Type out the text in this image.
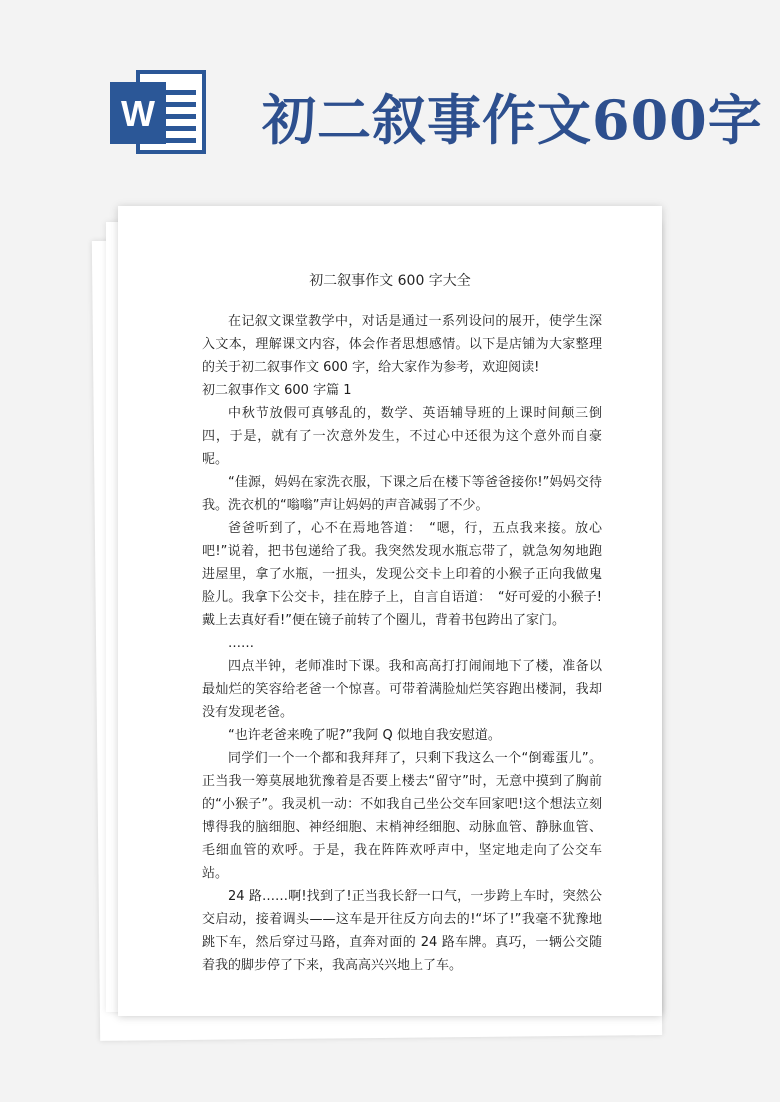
W 初二叙事作文600字
初二叙事作文 600 字大全

在记叙文课堂教学中，对话是通过一系列设问的展开，使学生深入文本，理解课文内容，体会作者思想感情。以下是店铺为大家整理的关于初二叙事作文 600 字，给大家作为参考，欢迎阅读!

初二叙事作文 600 字篇 1

中秋节放假可真够乱的，数学、英语辅导班的上课时间颠三倒四，于是，就有了一次意外发生，不过心中还很为这个意外而自豪呢。

“佳源，妈妈在家洗衣服，下课之后在楼下等爸爸接你!”妈妈交待我。洗衣机的“嗡嗡”声让妈妈的声音减弱了不少。

爸爸听到了，心不在焉地答道：　“嗯，行，五点我来接。放心吧!”说着，把书包递给了我。我突然发现水瓶忘带了，就急匆匆地跑进屋里，拿了水瓶，一扭头，发现公交卡上印着的小猴子正向我做鬼脸儿。我拿下公交卡，挂在脖子上，自言自语道：　“好可爱的小猴子!戴上去真好看!”便在镜子前转了个圈儿，背着书包跨出了家门。

……

四点半钟，老师准时下课。我和高高打打闹闹地下了楼，准备以最灿烂的笑容给老爸一个惊喜。可带着满脸灿烂笑容跑出楼洞，我却没有发现老爸。

“也许老爸来晚了呢?”我阿 Q 似地自我安慰道。

同学们一个一个都和我拜拜了，只剩下我这么一个“倒霉蛋儿”。正当我一筹莫展地犹豫着是否要上楼去“留守”时，无意中摸到了胸前的“小猴子”。我灵机一动：不如我自己坐公交车回家吧!这个想法立刻博得我的脑细胞、神经细胞、末梢神经细胞、动脉血管、静脉血管、毛细血管的欢呼。于是，我在阵阵欢呼声中，坚定地走向了公交车站。

24 路……啊!找到了!正当我长舒一口气，一步跨上车时，突然公交启动，接着调头——这车是开往反方向去的!“坏了!”我毫不犹豫地跳下车，然后穿过马路，直奔对面的 24 路车牌。真巧，一辆公交随着我的脚步停了下来，我高高兴兴地上了车。
